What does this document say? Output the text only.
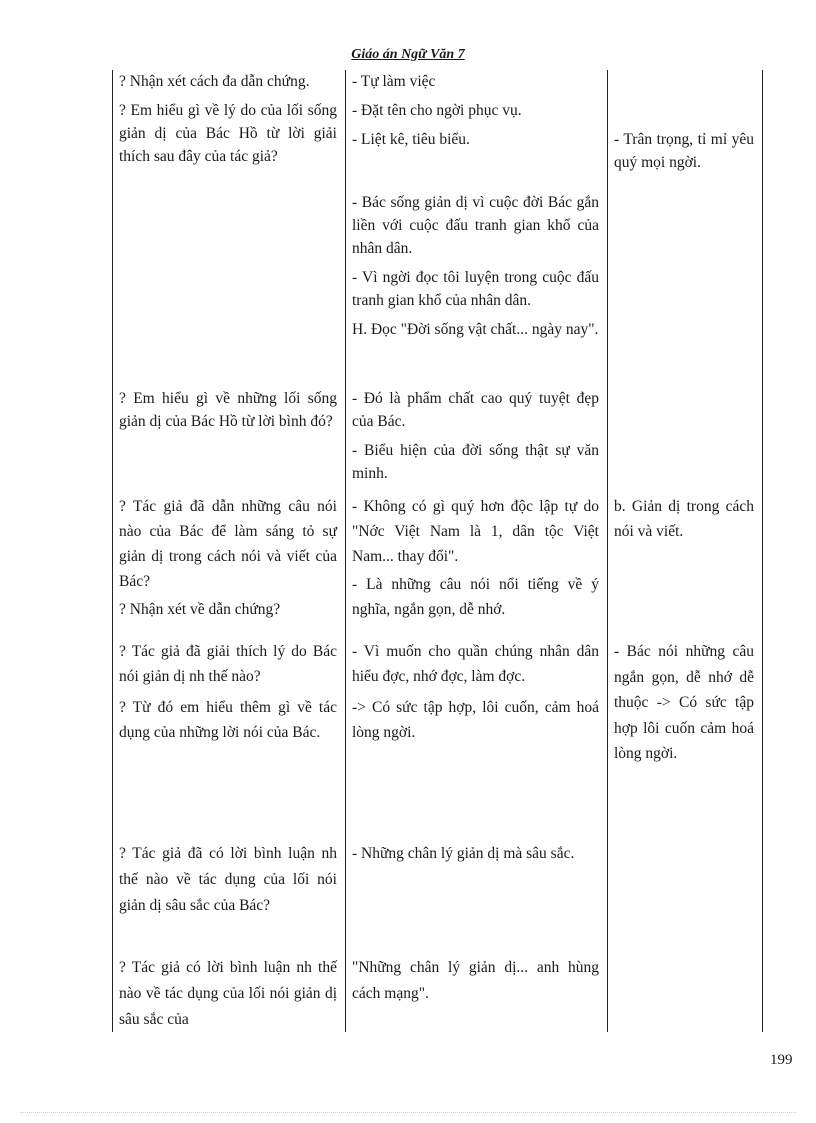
Giáo án Ngữ Văn 7

? Nhận xét cách đa dẫn chứng.

? Em hiểu gì về lý do của lối sống giản dị của Bác Hồ từ lời giải thích sau đây của tác giả?

- Tự làm việc

- Đặt tên cho ngời phục vụ.

- Liệt kê, tiêu biểu.

- Bác sống giản dị vì cuộc đời Bác gắn liền với cuộc đấu tranh gian khổ của nhân dân.

- Vì ngời đọc tôi luyện trong cuộc đấu tranh gian khổ của nhân dân.

H. Đọc "Đời sống vật chất... ngày nay".

- Trân trọng, tỉ mỉ yêu quý mọi ngời.

? Em hiểu gì về những lối sống giản dị của Bác Hồ từ lời bình đó?

- Đó là phẩm chất cao quý tuyệt đẹp của Bác.

- Biểu hiện của đời sống thật sự văn minh.

? Tác giả đã dẫn những câu nói nào của Bác để làm sáng tỏ sự giản dị trong cách nói và viết của Bác?

? Nhận xét về dẫn chứng?

- Không có gì quý hơn độc lập tự do "Nớc Việt Nam là 1, dân tộc Việt Nam... thay đổi".

- Là những câu nói nổi tiếng về ý nghĩa, ngắn gọn, dễ nhớ.

b. Giản dị trong cách nói và viết.

? Tác giả đã giải thích lý do Bác nói giản dị nh thế nào?

? Từ đó em hiểu thêm gì về tác dụng của những lời nói của Bác.

- Vì muốn cho quần chúng nhân dân hiểu đợc, nhớ đợc, làm đợc.

-> Có sức tập hợp, lôi cuốn, cảm hoá lòng ngời.

- Bác nói những câu ngắn gọn, dễ nhớ dễ thuộc -> Có sức tập hợp lôi cuốn cảm hoá lòng ngời.

? Tác giả đã có lời bình luận nh thế nào về tác dụng của lối nói giản dị sâu sắc của Bác?

- Những chân lý giản dị mà sâu sắc.

? Tác giả có lời bình luận nh thế nào về tác dụng của lối nói giản dị sâu sắc của

"Những chân lý giản dị... anh hùng cách mạng".

199
